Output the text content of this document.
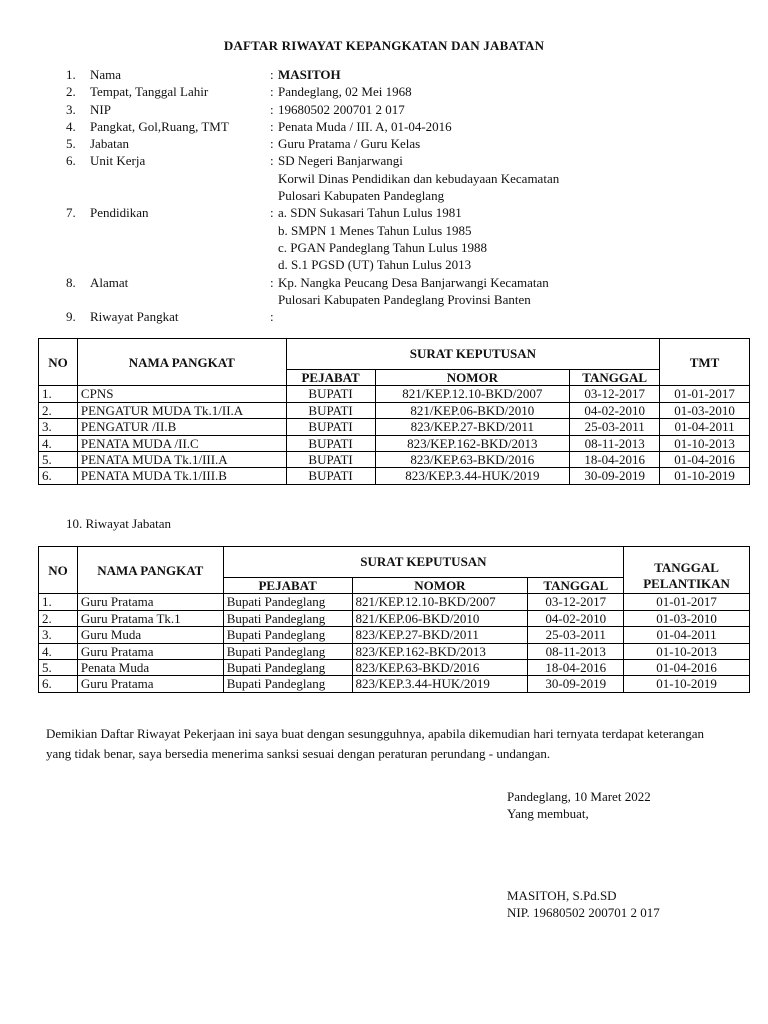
DAFTAR RIWAYAT KEPANGKATAN DAN JABATAN
1.	Nama	: MASITOH
2.	Tempat, Tanggal Lahir	: Pandeglang, 02 Mei 1968
3.	NIP	: 19680502 200701 2 017
4.	Pangkat, Gol,Ruang, TMT	: Penata Muda / III. A, 01-04-2016
5.	Jabatan	: Guru Pratama / Guru Kelas
6.	Unit Kerja	: SD Negeri Banjarwangi
Korwil Dinas Pendidikan dan kebudayaan Kecamatan
Pulosari Kabupaten Pandeglang
7.	Pendidikan	: a. SDN Sukasari Tahun Lulus 1981
b. SMPN 1 Menes Tahun Lulus 1985
c. PGAN Pandeglang Tahun Lulus 1988
d. S.1 PGSD (UT) Tahun Lulus 2013
8.	Alamat	: Kp. Nangka Peucang Desa Banjarwangi Kecamatan
Pulosari Kabupaten Pandeglang Provinsi Banten
9.	Riwayat Pangkat	:
NO	NAMA PANGKAT	SURAT KEPUTUSAN			TMT
		PEJABAT	NOMOR	TANGGAL	
1.	CPNS	BUPATI	821/KEP.12.10-BKD/2007	03-12-2017	01-01-2017
2.	PENGATUR MUDA Tk.1/II.A	BUPATI	821/KEP.06-BKD/2010	04-02-2010	01-03-2010
3.	PENGATUR /II.B	BUPATI	823/KEP.27-BKD/2011	25-03-2011	01-04-2011
4.	PENATA MUDA /II.C	BUPATI	823/KEP.162-BKD/2013	08-11-2013	01-10-2013
5.	PENATA MUDA Tk.1/III.A	BUPATI	823/KEP.63-BKD/2016	18-04-2016	01-04-2016
6.	PENATA MUDA Tk.1/III.B	BUPATI	823/KEP.3.44-HUK/2019	30-09-2019	01-10-2019
10. Riwayat Jabatan
NO	NAMA PANGKAT	SURAT KEPUTUSAN			TANGGAL PELANTIKAN
		PEJABAT	NOMOR	TANGGAL	
1.	Guru Pratama	Bupati Pandeglang	821/KEP.12.10-BKD/2007	03-12-2017	01-01-2017
2.	Guru Pratama Tk.1	Bupati Pandeglang	821/KEP.06-BKD/2010	04-02-2010	01-03-2010
3.	Guru Muda	Bupati Pandeglang	823/KEP.27-BKD/2011	25-03-2011	01-04-2011
4.	Guru Pratama	Bupati Pandeglang	823/KEP.162-BKD/2013	08-11-2013	01-10-2013
5.	Penata Muda	Bupati Pandeglang	823/KEP.63-BKD/2016	18-04-2016	01-04-2016
6.	Guru Pratama	Bupati Pandeglang	823/KEP.3.44-HUK/2019	30-09-2019	01-10-2019
Demikian Daftar Riwayat Pekerjaan ini saya buat dengan sesungguhnya, apabila dikemudian hari ternyata terdapat keterangan yang tidak benar, saya bersedia menerima sanksi sesuai dengan peraturan perundang - undangan.
Pandeglang, 10 Maret 2022
Yang membuat,
MASITOH, S.Pd.SD
NIP. 19680502 200701 2 017
